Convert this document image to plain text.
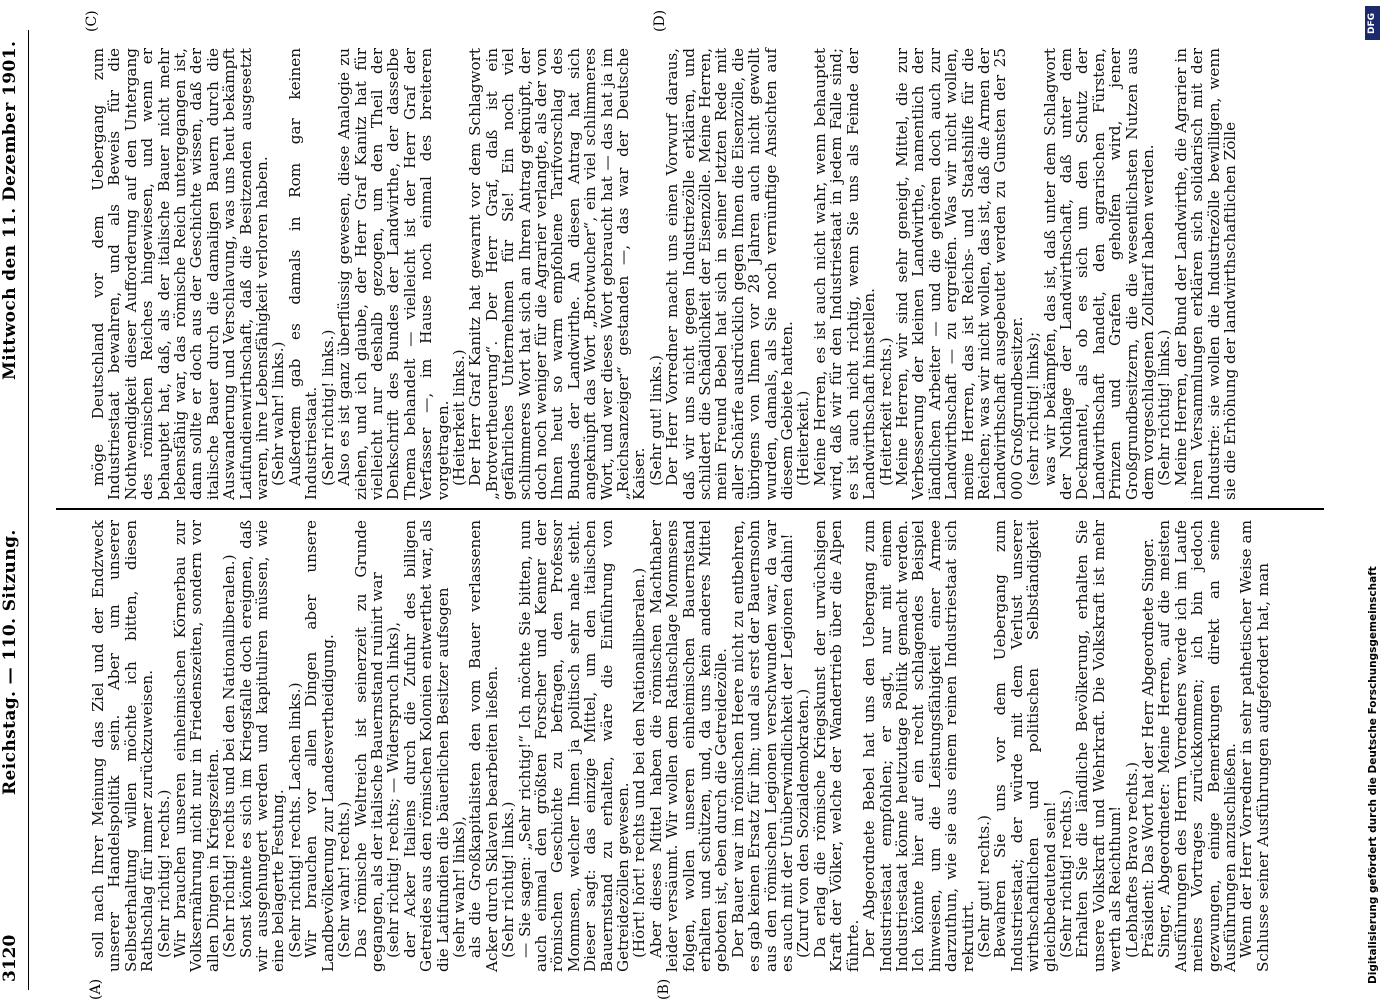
3120
Reichstag. — 110. Sitzung.
Mittwoch den 11. Dezember 1901.
(A)	(B)
(C)	(D)

soll nach Ihrer Meinung das Ziel und der Endzweck unserer Handelspolitik sein. Aber um unserer Selbsterhaltung willen möchte ich bitten, diesen Rathschlag für immer zurückzuweisen.

(Sehr richtig! rechts.)

Wir brauchen unseren einheimischen Körnerbau zur Volksernährung nicht nur in Friedenszeiten, sondern vor allen Dingen in Kriegszeiten.

(Sehr richtig! rechts und bei den Nationalliberalen.)

Sonst könnte es sich im Kriegsfalle doch ereignen, daß wir ausgehungert werden und kapituliren müssen, wie eine belagerte Festung.

(Sehr richtig! rechts. Lachen links.)

Wir brauchen vor allen Dingen aber unsere Landbevölkerung zur Landesvertheidigung.

(Sehr wahr! rechts.)

Das römische Weltreich ist seinerzeit zu Grunde gegangen, als der italische Bauernstand ruinirt war

(sehr richtig! rechts; — Widerspruch links),

der Acker Italiens durch die Zufuhr des billigen Getreides aus den römischen Kolonien entwerthet war, als die Latifundien die bäuerlichen Besitzer aufsogen

(sehr wahr! links),

als die Großkapitalisten den vom Bauer verlassenen Acker durch Sklaven bearbeiten ließen.

(Sehr richtig! links.)

— Sie sagen: „Sehr richtig!“ Ich möchte Sie bitten, nun auch einmal den größten Forscher und Kenner der römischen Geschichte zu befragen, den Professor Mommsen, welcher Ihnen ja politisch sehr nahe steht. Dieser sagt: das einzige Mittel, um den italischen Bauernstand zu erhalten, wäre die Einführung von Getreidezöllen gewesen.

(Hört! hört! rechts und bei den Nationalliberalen.)

Aber dieses Mittel haben die römischen Machthaber leider versäumt. Wir wollen dem Rathschlage Mommsens folgen, wollen unseren einheimischen Bauernstand erhalten und schützen, und, da uns kein anderes Mittel geboten ist, eben durch die Getreidezölle.

Der Bauer war im römischen Heere nicht zu entbehren, es gab keinen Ersatz für ihn; und als erst der Bauernsohn aus den römischen Legionen verschwunden war, da war es auch mit der Unüberwindlichkeit der Legionen dahin!

(Zuruf von den Sozialdemokraten.)

Da erlag die römische Kriegskunst der urwüchsigen Kraft der Völker, welche der Wandertrieb über die Alpen führte.

Der Abgeordnete Bebel hat uns den Uebergang zum Industriestaat empfohlen; er sagt, nur mit einem Industriestaat könne heutzutage Politik gemacht werden. Ich könnte hier auf ein recht schlagendes Beispiel hinweisen, um die Leistungsfähigkeit einer Armee darzuthun, wie sie aus einem reinen Industriestaat sich rekrutirt.

(Sehr gut! rechts.)

Bewahren Sie uns vor dem Uebergang zum Industriestaat; der würde mit dem Verlust unserer wirthschaftlichen und politischen Selbständigkeit gleichbedeutend sein!

(Sehr richtig! rechts.)

Erhalten Sie die ländliche Bevölkerung, erhalten Sie unsere Volkskraft und Wehrkraft. Die Volkskraft ist mehr werth als Reichthum!

(Lebhaftes Bravo rechts.)

Präsident: Das Wort hat der Herr Abgeordnete Singer.

Singer, Abgeordneter: Meine Herren, auf die meisten Ausführungen des Herrn Vorredners werde ich im Laufe meines Vortrages zurückkommen; ich bin jedoch gezwungen, einige Bemerkungen direkt an seine Ausführungen anzuschließen.

Wenn der Herr Vorredner in sehr pathetischer Weise am Schlusse seiner Ausführungen aufgefordert hat, man

möge Deutschland vor dem Uebergang zum Industriestaat bewahren, und als Beweis für die Nothwendigkeit dieser Aufforderung auf den Untergang des römischen Reiches hingewiesen, und wenn er behauptet hat, daß, als der italische Bauer nicht mehr lebensfähig war, das römische Reich untergegangen ist, dann sollte er doch aus der Geschichte wissen, daß der italische Bauer durch die damaligen Bauern durch die Auswanderung und Verschlavung, was uns heut bekämpft Latifundienwirthschaft, daß die Besitzenden ausgesetzt waren, ihre Lebensfähigkeit verloren haben.

(Sehr wahr! links.)

Außerdem gab es damals in Rom gar keinen Industriestaat.

(Sehr richtig! links.)

Also es ist ganz überflüssig gewesen, diese Analogie zu ziehen, und ich glaube, der Herr Graf Kanitz hat für vielleicht nur deshalb gezogen, um den Theil der Denkschrift des Bundes der Landwirthe, der dasselbe Thema behandelt — vielleicht ist der Herr Graf der Verfasser —, im Hause noch einmal des breiteren vorgetragen.

(Heiterkeit links.)

Der Herr Graf Kanitz hat gewarnt vor dem Schlagwort „Brotvertheuerung“. Der Herr Graf, daß ist ein gefährliches Unternehmen für Sie! Ein noch viel schlimmeres Wort hat sich an Ihren Antrag geknüpft, der doch noch weniger für die Agrarier verlangte, als der von Ihnen heut so warm empfohlene Tarifvorschlag des Bundes der Landwirthe. An diesen Antrag hat sich angeknüpft das Wort „Brotwucher“, ein viel schlimmeres Wort, und wer dieses Wort gebraucht hat — das hat ja im „Reichsanzeiger“ gestanden —, das war der Deutsche Kaiser.

(Sehr gut! links.)

Der Herr Vorredner macht uns einen Vorwurf daraus, daß wir uns nicht gegen Industriezölle erklären, und schildert die Schädlichkeit der Eisenzölle. Meine Herren, mein Freund Bebel hat sich in seiner letzten Rede mit aller Schärfe ausdrücklich gegen Ihnen die Eisenzölle, die übrigens von Ihnen vor 28 Jahren auch nicht gewollt wurden, damals, als Sie noch vernünftige Ansichten auf diesem Gebiete hatten.

(Heiterkeit.)

Meine Herren, es ist auch nicht wahr, wenn behauptet wird, daß wir für den Industriestaat in jedem Falle sind; es ist auch nicht richtig, wenn Sie uns als Feinde der Landwirthschaft hinstellen.

(Heiterkeit rechts.)

Meine Herren, wir sind sehr geneigt, Mittel, die zur Verbesserung der kleinen Landwirthe, namentlich der ländlichen Arbeiter — und die gehören doch auch zur Landwirthschaft — zu ergreifen. Was wir nicht wollen, meine Herren, das ist Reichs- und Staatshilfe für die Reichen; was wir nicht wollen, das ist, daß die Armen der Landwirthschaft ausgebeutet werden zu Gunsten der 25 000 Großgrundbesitzer.

(sehr richtig! links);

was wir bekämpfen, das ist, daß unter dem Schlagwort der Nothlage der Landwirthschaft, daß unter dem Deckmantel, als ob es sich um den Schutz der Landwirthschaft handelt, den agrarischen Fürsten, Prinzen und Grafen geholfen wird, jener Großgrundbesitzern, die die wesentlichsten Nutzen aus dem vorgeschlagenen Zolltarif haben werden.

(Sehr richtig! links.)

Meine Herren, der Bund der Landwirthe, die Agrarier in ihren Versammlungen erklären sich solidarisch mit der Industrie: sie wollen die Industriezölle bewilligen, wenn sie die Erhöhung der landwirthschaftlichen Zölle

DFG
Digitalisierung gefördert durch die Deutsche Forschungsgemeinschaft
